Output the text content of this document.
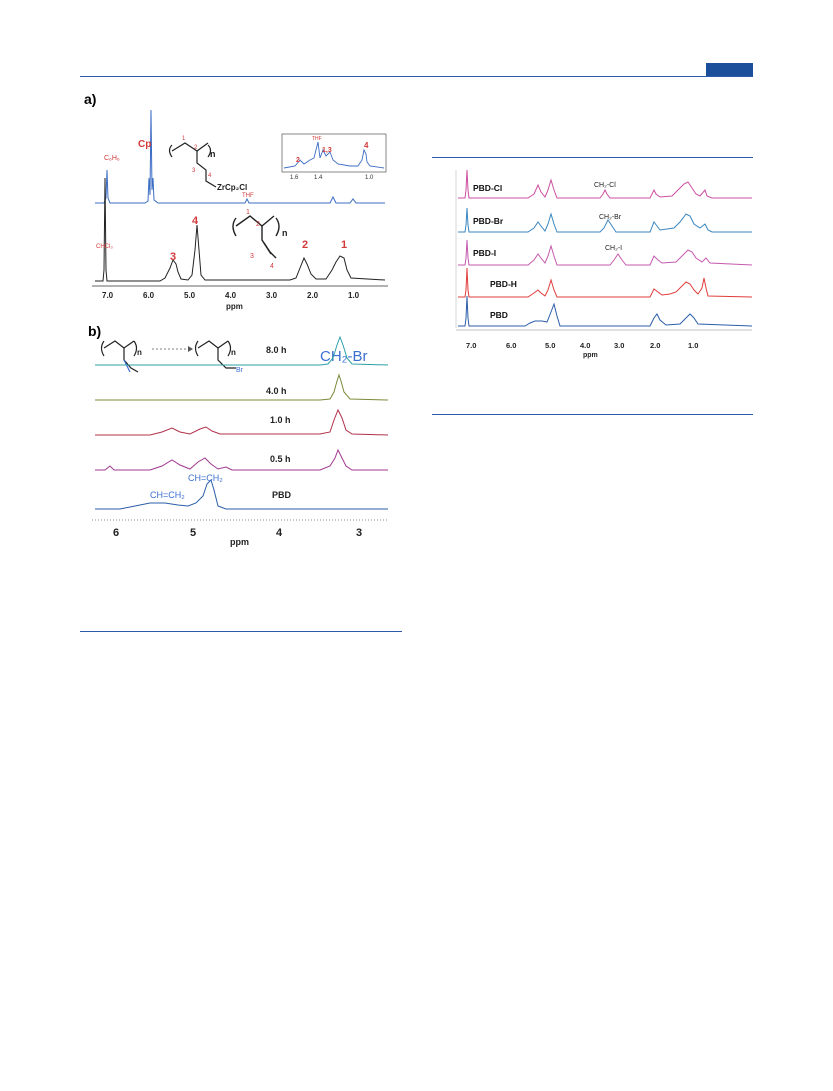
a)
C₆H₆
Cp
THF
n
ZrCp₂Cl
1
2
3
4
2
THF
1,3
4
1.6	1.4	1.0
CHCl₃
4
3
2	1
n
1
2
3
4
7.0	6.0	5.0	4.0	3.0	2.0	1.0
ppm
b)
n	n
Br
CH₂-Br
8.0 h
4.0 h
1.0 h
0.5 h
PBD
CH=CH₂
CH=CH₂
6	5	4	3
ppm
PBD-Cl	CH₂-Cl
PBD-Br	CH₂-Br
PBD-I	CH₂-I
PBD-H
PBD
7.0	6.0	5.0	4.0	3.0	2.0	1.0
ppm
